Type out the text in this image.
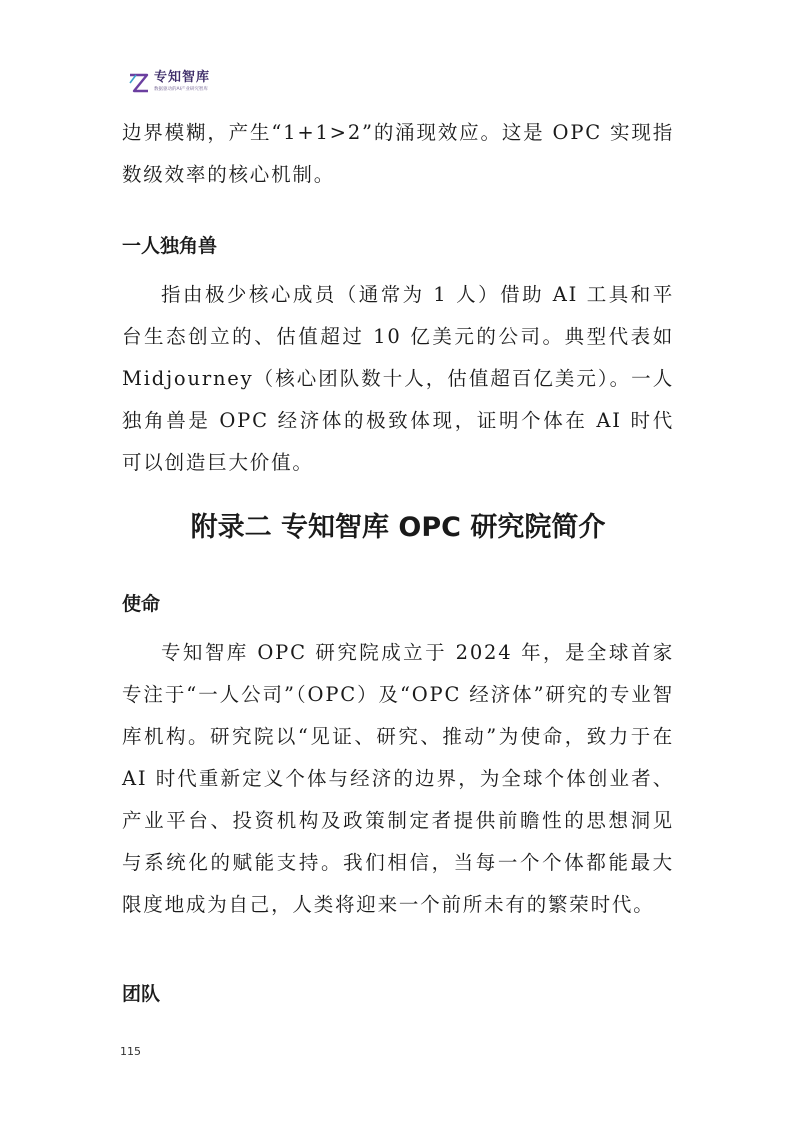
专知智库
数据驱动的AI产业研究智库

边界模糊，产生“1+1>2”的涌现效应。这是 OPC 实现指数级效率的核心机制。

一人独角兽

指由极少核心成员（通常为 1 人）借助 AI 工具和平台生态创立的、估值超过 10 亿美元的公司。典型代表如Midjourney（核心团队数十人，估值超百亿美元）。一人独角兽是 OPC 经济体的极致体现，证明个体在 AI 时代可以创造巨大价值。

附录二 专知智库 OPC 研究院简介
使命

专知智库 OPC 研究院成立于 2024 年，是全球首家专注于“一人公司”（OPC）及“OPC 经济体”研究的专业智库机构。研究院以“见证、研究、推动”为使命，致力于在 AI 时代重新定义个体与经济的边界，为全球个体创业者、产业平台、投资机构及政策制定者提供前瞻性的思想洞见与系统化的赋能支持。我们相信，当每一个个体都能最大限度地成为自己，人类将迎来一个前所未有的繁荣时代。

团队
115
